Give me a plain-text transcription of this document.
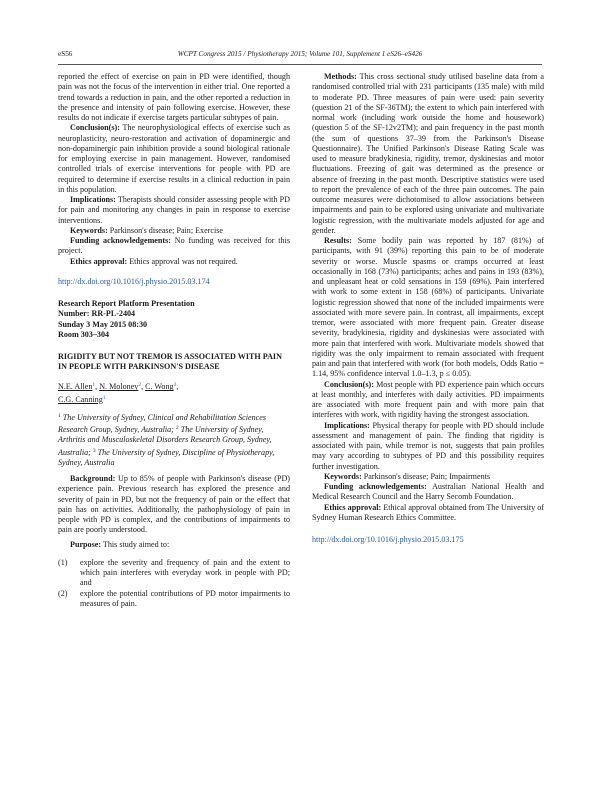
eS56	WCPT Congress 2015 / Physiotherapy 2015; Volume 101, Supplement 1 eS26–eS426

reported the effect of exercise on pain in PD were identified, though pain was not the focus of the intervention in either trial. One reported a trend towards a reduction in pain, and the other reported a reduction in the presence and intensity of pain following exercise. However, these results do not indicate if exercise targets particular subtypes of pain.

Conclusion(s): The neurophysiological effects of exercise such as neuroplasticity, neuro-restoration and activation of dopaminergic and non-dopaminergic pain inhibition provide a sound biological rationale for employing exercise in pain management. However, randomised controlled trials of exercise interventions for people with PD are required to determine if exercise results in a clinical reduction in pain in this population.

Implications: Therapists should consider assessing people with PD for pain and monitoring any changes in pain in response to exercise interventions.

Keywords: Parkinson's disease; Pain; Exercise

Funding acknowledgements: No funding was received for this project.

Ethics approval: Ethics approval was not required.

http://dx.doi.org/10.1016/j.physio.2015.03.174

Research Report Platform Presentation

Number: RR-PL-2404

Sunday 3 May 2015 08:30

Room 303–304

RIGIDITY BUT NOT TREMOR IS ASSOCIATED WITH PAIN IN PEOPLE WITH PARKINSON'S DISEASE

N.E. Allen$^1$, N. Moloney$^2$, C. Wong$^3$,
C.G. Canning$^1$

$^1$ The University of Sydney, Clinical and Rehabilitation Sciences Research Group, Sydney, Australia; $^2$ The University of Sydney, Arthritis and Musculoskeletal Disorders Research Group, Sydney, Australia; $^3$ The University of Sydney, Discipline of Physiotherapy, Sydney, Australia

Background: Up to 85% of people with Parkinson's disease (PD) experience pain. Previous research has explored the presence and severity of pain in PD, but not the frequency of pain or the effect that pain has on activities. Additionally, the pathophysiology of pain in people with PD is complex, and the contributions of impairments to pain are poorly understood.

Purpose: This study aimed to:

(1) explore the severity and frequency of pain and the extent to which pain interferes with everyday work in people with PD; and
(2) explore the potential contributions of PD motor impairments to measures of pain.

Methods: This cross sectional study utilised baseline data from a randomised controlled trial with 231 participants (135 male) with mild to moderate PD. Three measures of pain were used: pain severity (question 21 of the SF-36TM); the extent to which pain interfered with normal work (including work outside the home and housework) (question 5 of the SF-12v2TM); and pain frequency in the past month (the sum of questions 37–39 from the Parkinson's Disease Questionnaire). The Unified Parkinson's Disease Rating Scale was used to measure bradykinesia, rigidity, tremor, dyskinesias and motor fluctuations. Freezing of gait was determined as the presence or absence of freezing in the past month. Descriptive statistics were used to report the prevalence of each of the three pain outcomes. The pain outcome measures were dichotomised to allow associations between impairments and pain to be explored using univariate and multivariate logistic regression, with the multivariate models adjusted for age and gender.

Results: Some bodily pain was reported by 187 (81%) of participants, with 91 (39%) reporting this pain to be of moderate severity or worse. Muscle spasms or cramps occurred at least occasionally in 168 (73%) participants; aches and pains in 193 (83%), and unpleasant heat or cold sensations in 159 (69%). Pain interfered with work to some extent in 158 (68%) of participants. Univariate logistic regression showed that none of the included impairments were associated with more severe pain. In contrast, all impairments, except tremor, were associated with more frequent pain. Greater disease severity, bradykinesia, rigidity and dyskinesias were associated with more pain that interfered with work. Multivariate models showed that rigidity was the only impairment to remain associated with frequent pain and pain that interfered with work (for both models, Odds Ratio = 1.14, 95% confidence interval 1.0–1.3, p ≤ 0.05).

Conclusion(s): Most people with PD experience pain which occurs at least monthly, and interferes with daily activities. PD impairments are associated with more frequent pain and with more pain that interferes with work, with rigidity having the strongest association.

Implications: Physical therapy for people with PD should include assessment and management of pain. The finding that rigidity is associated with pain, while tremor is not, suggests that pain profiles may vary according to subtypes of PD and this possibility requires further investigation.

Keywords: Parkinson's disease; Pain; Impairments

Funding acknowledgements: Australian National Health and Medical Research Council and the Harry Secomb Foundation.

Ethics approval: Ethical approval obtained from The University of Sydney Human Research Ethics Committee.

http://dx.doi.org/10.1016/j.physio.2015.03.175
